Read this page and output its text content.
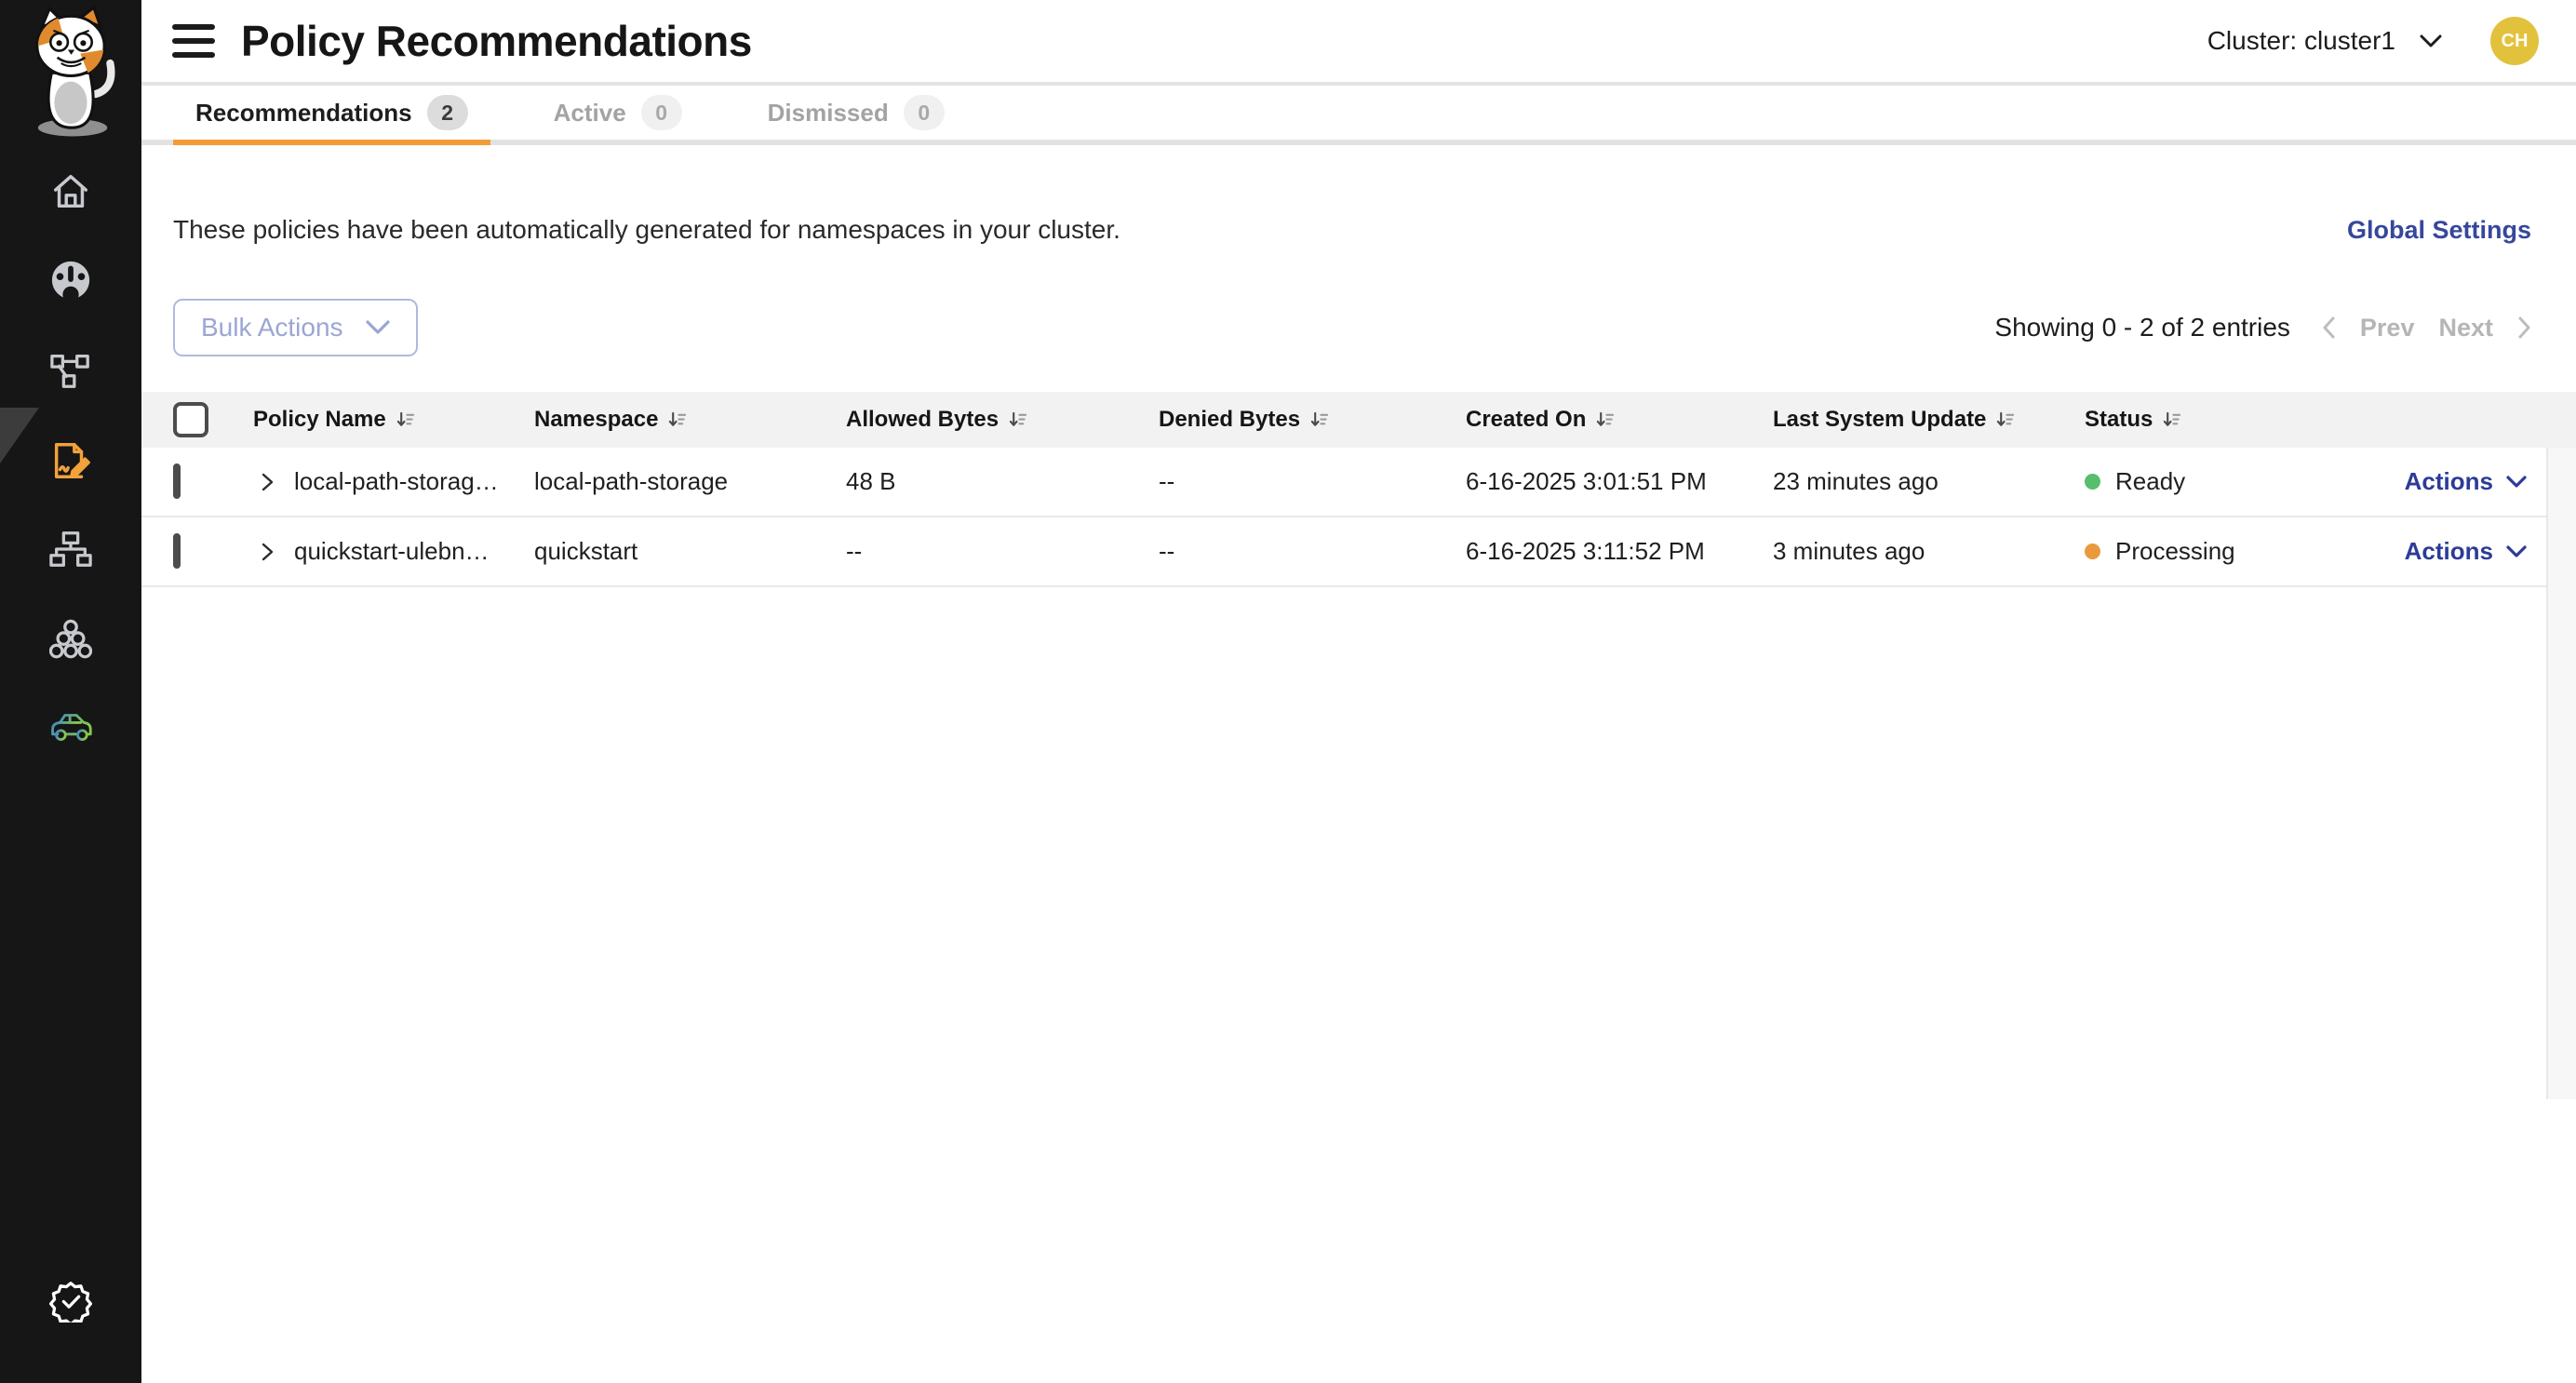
Policy Recommendations	Cluster: cluster1	CH
Recommendations	2	Active	0	Dismissed	0
These policies have been automatically generated for namespaces in your cluster.	Global Settings
Bulk Actions	Showing 0 - 2 of 2 entries	Prev Next
Policy Name	Namespace	Allowed Bytes	Denied Bytes	Created On	Last System Update	Status
local-path-storag… local-path-storage	48 B	--	6-16-2025 3:01:51 PM	23 minutes ago	Ready	Actions
quickstart-ulebn… quickstart	--	--	6-16-2025 3:11:52 PM	3 minutes ago	Processing	Actions
